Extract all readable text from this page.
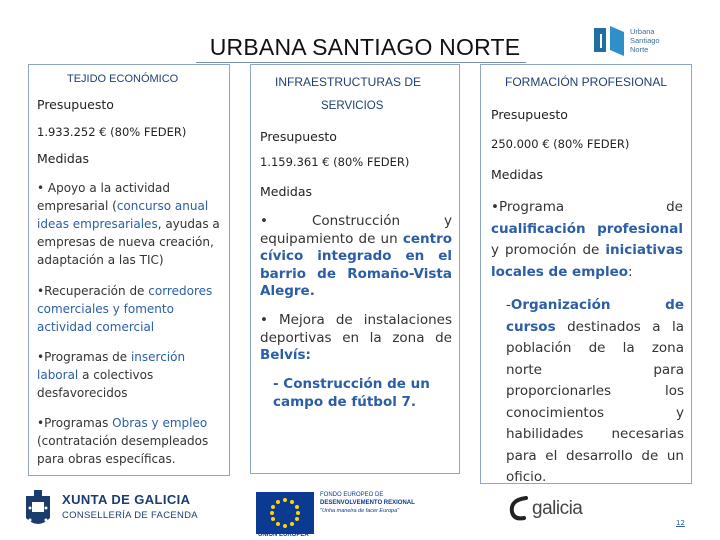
URBANA SANTIAGO NORTE
Urbana
Santiago
Norte
TEJIDO ECONÓMICO
Presupuesto
1.933.252 € (80% FEDER)
Medidas
• Apoyo a la actividad empresarial (concurso anual ideas empresariales, ayudas a empresas de nueva creación, adaptación a las TIC)
•Recuperación de corredores comerciales y fomento actividad comercial
•Programas de inserción laboral a colectivos desfavorecidos
•Programas Obras y empleo (contratación desempleados para obras específicas.
INFRAESTRUCTURAS DE
SERVICIOS
Presupuesto
1.159.361 € (80% FEDER)
Medidas
• Construcción y equipamiento de un centro cívico integrado en el barrio de Romaño-Vista Alegre.
• Mejora de instalaciones deportivas en la zona de Belvís:
- Construcción de un campo de fútbol 7.
FORMACIÓN PROFESIONAL
Presupuesto
250.000 € (80% FEDER)
Medidas
•Programa de cualificación profesional y promoción de iniciativas locales de empleo:
-Organización de cursos destinados a la población de la zona norte para proporcionarles los conocimientos y habilidades necesarias para el desarrollo de un oficio.
XUNTA DE GALICIA
CONSELLERÍA DE FACENDA
UNIÓN EUROPEA
FONDO EUROPEO DE
DESENVOLVEMENTO REXIONAL
"Unha maneira de facer Europa"	galicia
12
